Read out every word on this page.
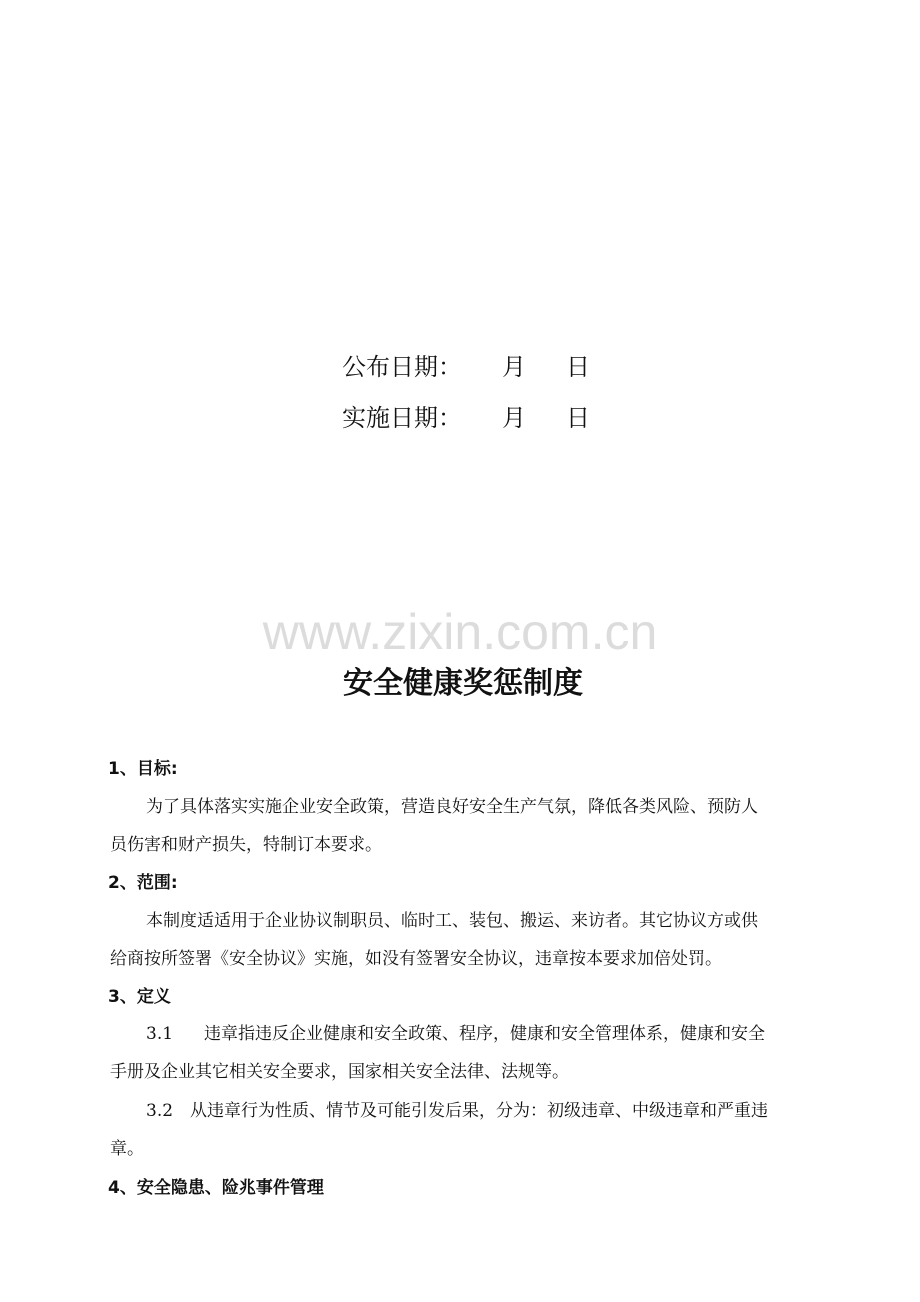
公布日期： 月 日
实施日期： 月 日
www.zixin.com.cn
安全健康奖惩制度
1、目标:
为了具体落实实施企业安全政策，营造良好安全生产气氛，降低各类风险、预防人
员伤害和财产损失，特制订本要求。
2、范围:
本制度适适用于企业协议制职员、临时工、装包、搬运、来访者。其它协议方或供
给商按所签署《安全协议》实施，如没有签署安全协议，违章按本要求加倍处罚。
3、定义
3.1 违章指违反企业健康和安全政策、程序，健康和安全管理体系，健康和安全
手册及企业其它相关安全要求，国家相关安全法律、法规等。
3.2 从违章行为性质、情节及可能引发后果，分为：初级违章、中级违章和严重违
章。
4、安全隐患、险兆事件管理
